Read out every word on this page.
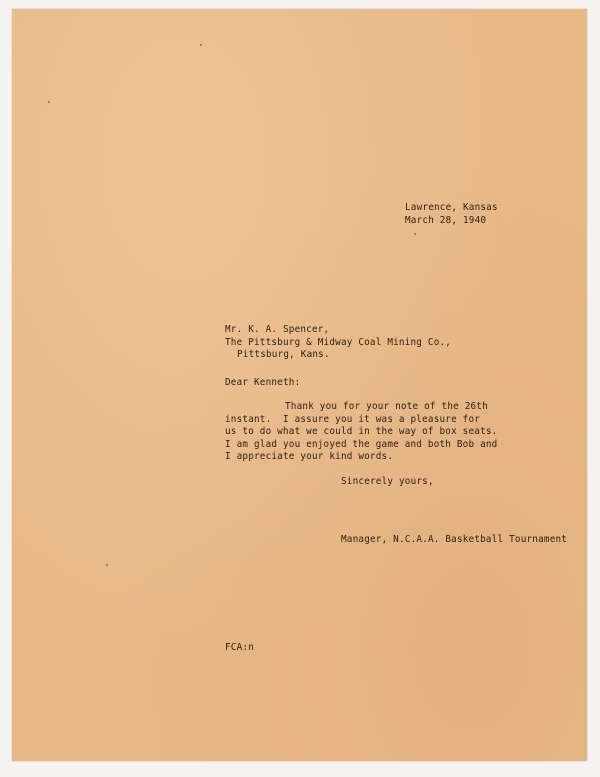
Lawrence, Kansas
March 28, 1940
Mr. K. A. Spencer,
The Pittsburg & Midway Coal Mining Co.,
Pittsburg, Kans.
Dear Kenneth:
Thank you for your note of the 26th
instant.  I assure you it was a pleasure for
us to do what we could in the way of box seats.
I am glad you enjoyed the game and both Bob and
I appreciate your kind words.
Sincerely yours,
Manager, N.C.A.A. Basketball Tournament
FCA:n
